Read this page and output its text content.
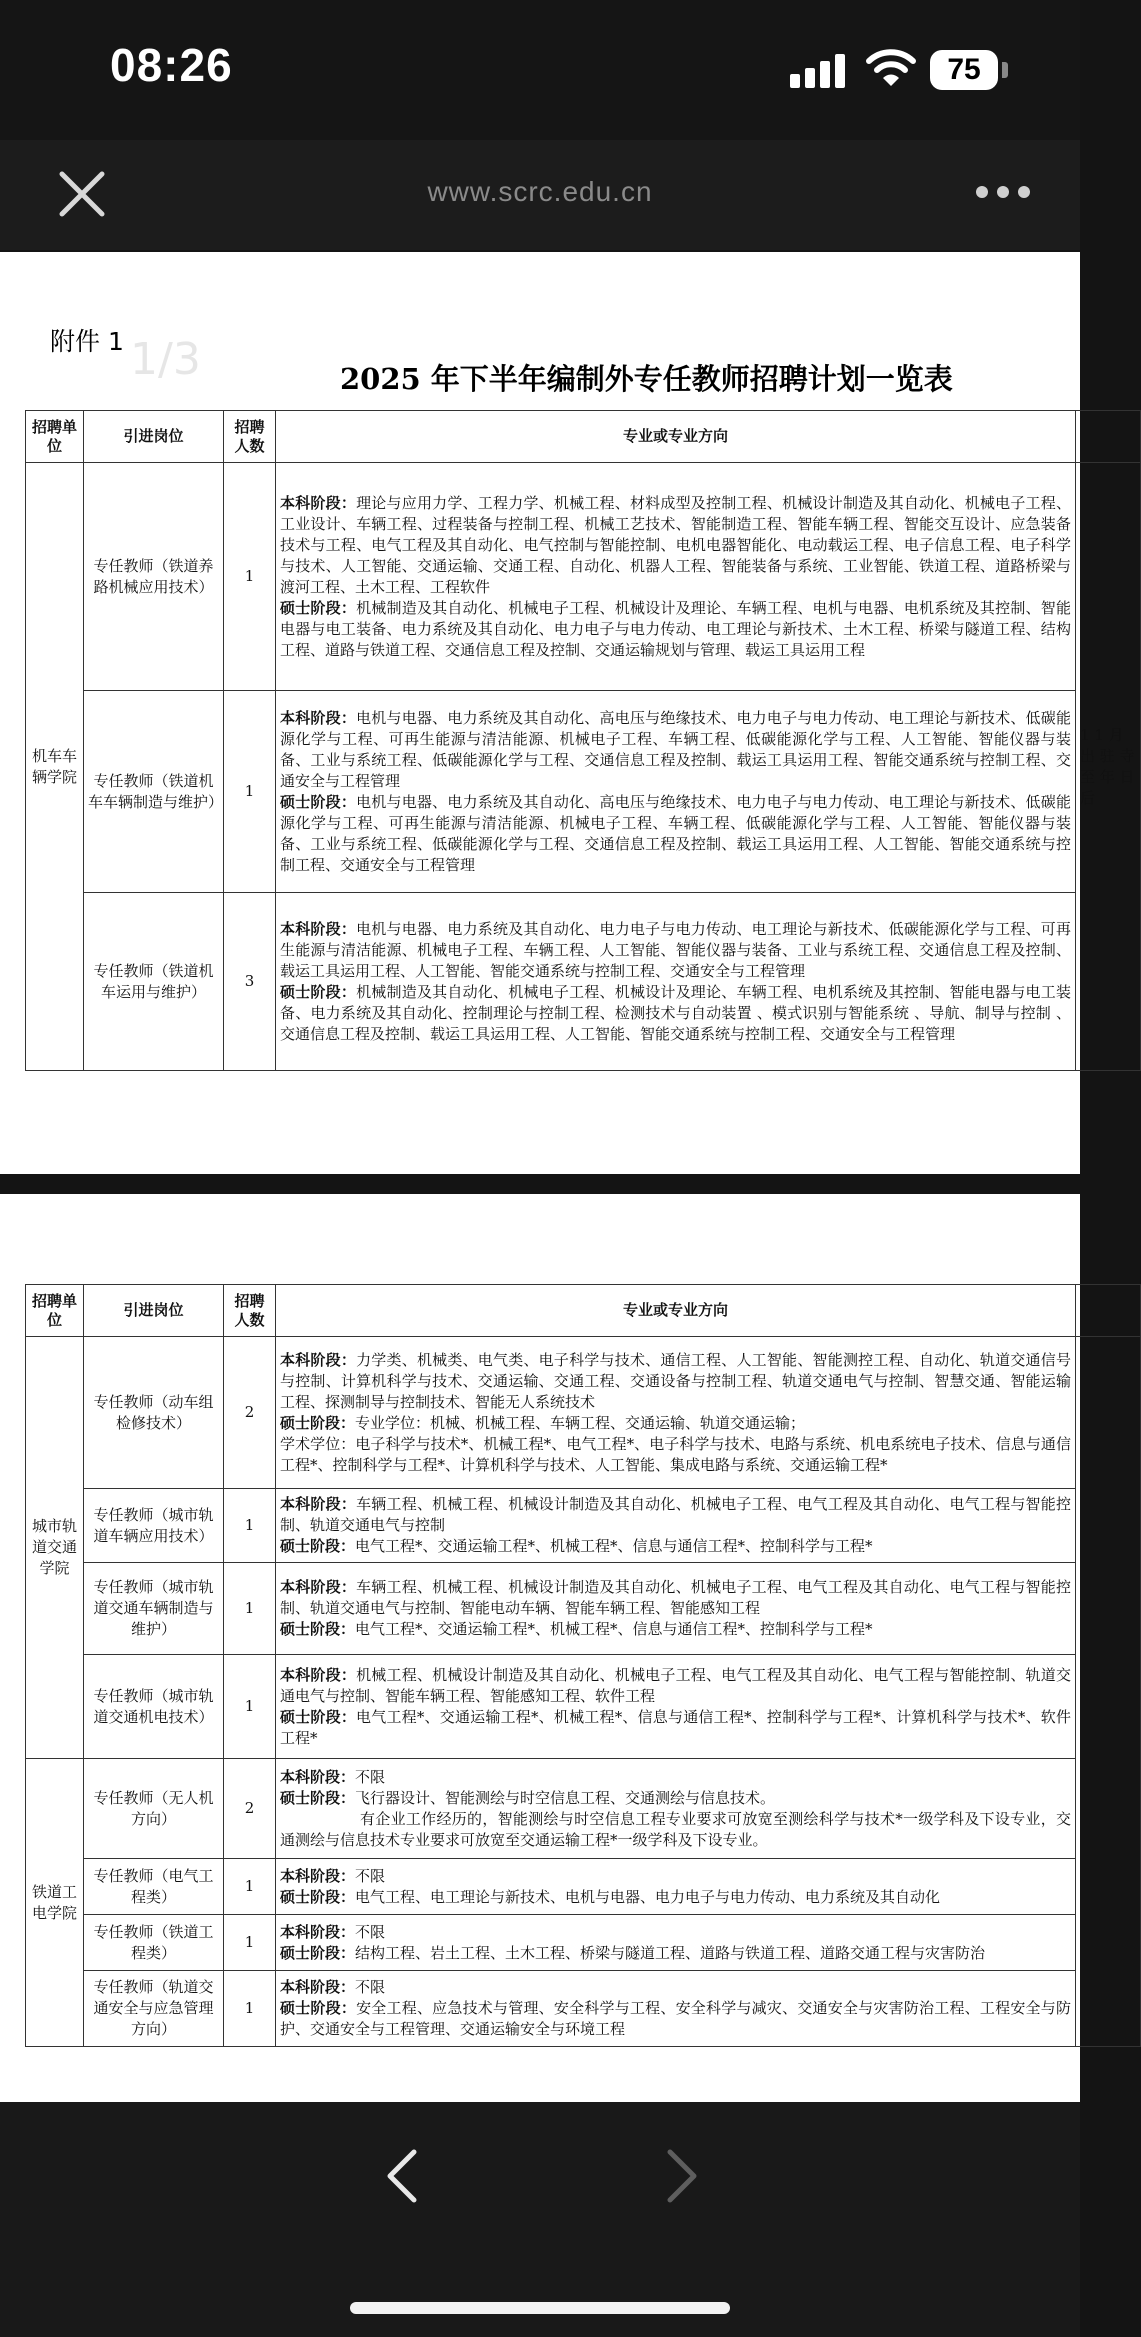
08:26	75
www.scrc.edu.cn
附件 1 1/3	2025 年下半年编制外专任教师招聘计划一览表
招聘单位	引进岗位	招聘人数	专业或专业方向	
机车车辆学院	专任教师（铁道养路机械应用技术）	1	本科阶段：理论与应用力学、工程力学、机械工程、材料成型及控制工程、机械设计制造及其自动化、机械电子工程、工业设计、车辆工程、过程装备与控制工程、机械工艺技术、智能制造工程、智能车辆工程、智能交互设计、应急装备技术与工程、电气工程及其自动化、电气控制与智能控制、电机电器智能化、电动载运工程、电子信息工程、电子科学与技术、人工智能、交通运输、交通工程、自动化、机器人工程、智能装备与系统、工业智能、铁道工程、道路桥梁与渡河工程、土木工程、工程软件
硕士阶段：机械制造及其自动化、机械电子工程、机械设计及理论、车辆工程、电机与电器、电机系统及其控制、智能电器与电工装备、电力系统及其自动化、电力电子与电力传动、电工理论与新技术、土木工程、桥梁与隧道工程、结构工程、道路与铁道工程、交通信息工程及控制、交通运输规划与管理、载运工具运用工程	1 1 月 出 驻 寺 至 年 日 后
	专任教师（铁道机车车辆制造与维护）	1	本科阶段：电机与电器、电力系统及其自动化、高电压与绝缘技术、电力电子与电力传动、电工理论与新技术、低碳能源化学与工程、可再生能源与清洁能源、机械电子工程、车辆工程、低碳能源化学与工程、人工智能、智能仪器与装备、工业与系统工程、低碳能源化学与工程、交通信息工程及控制、载运工具运用工程、智能交通系统与控制工程、交通安全与工程管理
硕士阶段：电机与电器、电力系统及其自动化、高电压与绝缘技术、电力电子与电力传动、电工理论与新技术、低碳能源化学与工程、可再生能源与清洁能源、机械电子工程、车辆工程、低碳能源化学与工程、人工智能、智能仪器与装备、工业与系统工程、低碳能源化学与工程、交通信息工程及控制、载运工具运用工程、人工智能、智能交通系统与控制工程、交通安全与工程管理	
	专任教师（铁道机车运用与维护）	3	本科阶段：电机与电器、电力系统及其自动化、电力电子与电力传动、电工理论与新技术、低碳能源化学与工程、可再生能源与清洁能源、机械电子工程、车辆工程、人工智能、智能仪器与装备、工业与系统工程、交通信息工程及控制、载运工具运用工程、人工智能、智能交通系统与控制工程、交通安全与工程管理
硕士阶段：机械制造及其自动化、机械电子工程、机械设计及理论、车辆工程、电机系统及其控制、智能电器与电工装备、电力系统及其自动化、控制理论与控制工程、检测技术与自动装置 、模式识别与智能系统 、导航、制导与控制 、交通信息工程及控制、载运工具运用工程、人工智能、智能交通系统与控制工程、交通安全与工程管理	
招聘单位	引进岗位	招聘人数	专业或专业方向	
城市轨道交通学院	专任教师（动车组检修技术）	2	本科阶段：力学类、机械类、电气类、电子科学与技术、通信工程、人工智能、智能测控工程、自动化、轨道交通信号与控制、计算机科学与技术、交通运输、交通工程、交通设备与控制工程、轨道交通电气与控制、智慧交通、智能运输工程、探测制导与控制技术、智能无人系统技术
硕士阶段：专业学位：机械、机械工程、车辆工程、交通运输、轨道交通运输；
学术学位：电子科学与技术*、机械工程*、电气工程*、电子科学与技术、电路与系统、机电系统电子技术、信息与通信工程*、控制科学与工程*、计算机科学与技术、人工智能、集成电路与系统、交通运输工程*	
	专任教师（城市轨道车辆应用技术）	1	本科阶段：车辆工程、机械工程、机械设计制造及其自动化、机械电子工程、电气工程及其自动化、电气工程与智能控制、轨道交通电气与控制
硕士阶段：电气工程*、交通运输工程*、机械工程*、信息与通信工程*、控制科学与工程*	
	专任教师（城市轨道交通车辆制造与维护）	1	本科阶段：车辆工程、机械工程、机械设计制造及其自动化、机械电子工程、电气工程及其自动化、电气工程与智能控制、轨道交通电气与控制、智能电动车辆、智能车辆工程、智能感知工程
硕士阶段：电气工程*、交通运输工程*、机械工程*、信息与通信工程*、控制科学与工程*	
	专任教师（城市轨道交通机电技术）	1	本科阶段：机械工程、机械设计制造及其自动化、机械电子工程、电气工程及其自动化、电气工程与智能控制、轨道交通电气与控制、智能车辆工程、智能感知工程、软件工程
硕士阶段：电气工程*、交通运输工程*、机械工程*、信息与通信工程*、控制科学与工程*、计算机科学与技术*、软件工程*	
铁道工电学院	专任教师（无人机方向）	2	本科阶段：不限
硕士阶段：飞行器设计、智能测绘与时空信息工程、交通测绘与信息技术。
有企业工作经历的，智能测绘与时空信息工程专业要求可放宽至测绘科学与技术*一级学科及下设专业，交通测绘与信息技术专业要求可放宽至交通运输工程*一级学科及下设专业。	
	专任教师（电气工程类）	1	本科阶段：不限
硕士阶段：电气工程、电工理论与新技术、电机与电器、电力电子与电力传动、电力系统及其自动化	
	专任教师（铁道工程类）	1	本科阶段：不限
硕士阶段：结构工程、岩土工程、土木工程、桥梁与隧道工程、道路与铁道工程、道路交通工程与灾害防治	
	专任教师（轨道交通安全与应急管理方向）	1	本科阶段：不限
硕士阶段：安全工程、应急技术与管理、安全科学与工程、安全科学与减灾、交通安全与灾害防治工程、工程安全与防护、交通安全与工程管理、交通运输安全与环境工程	
